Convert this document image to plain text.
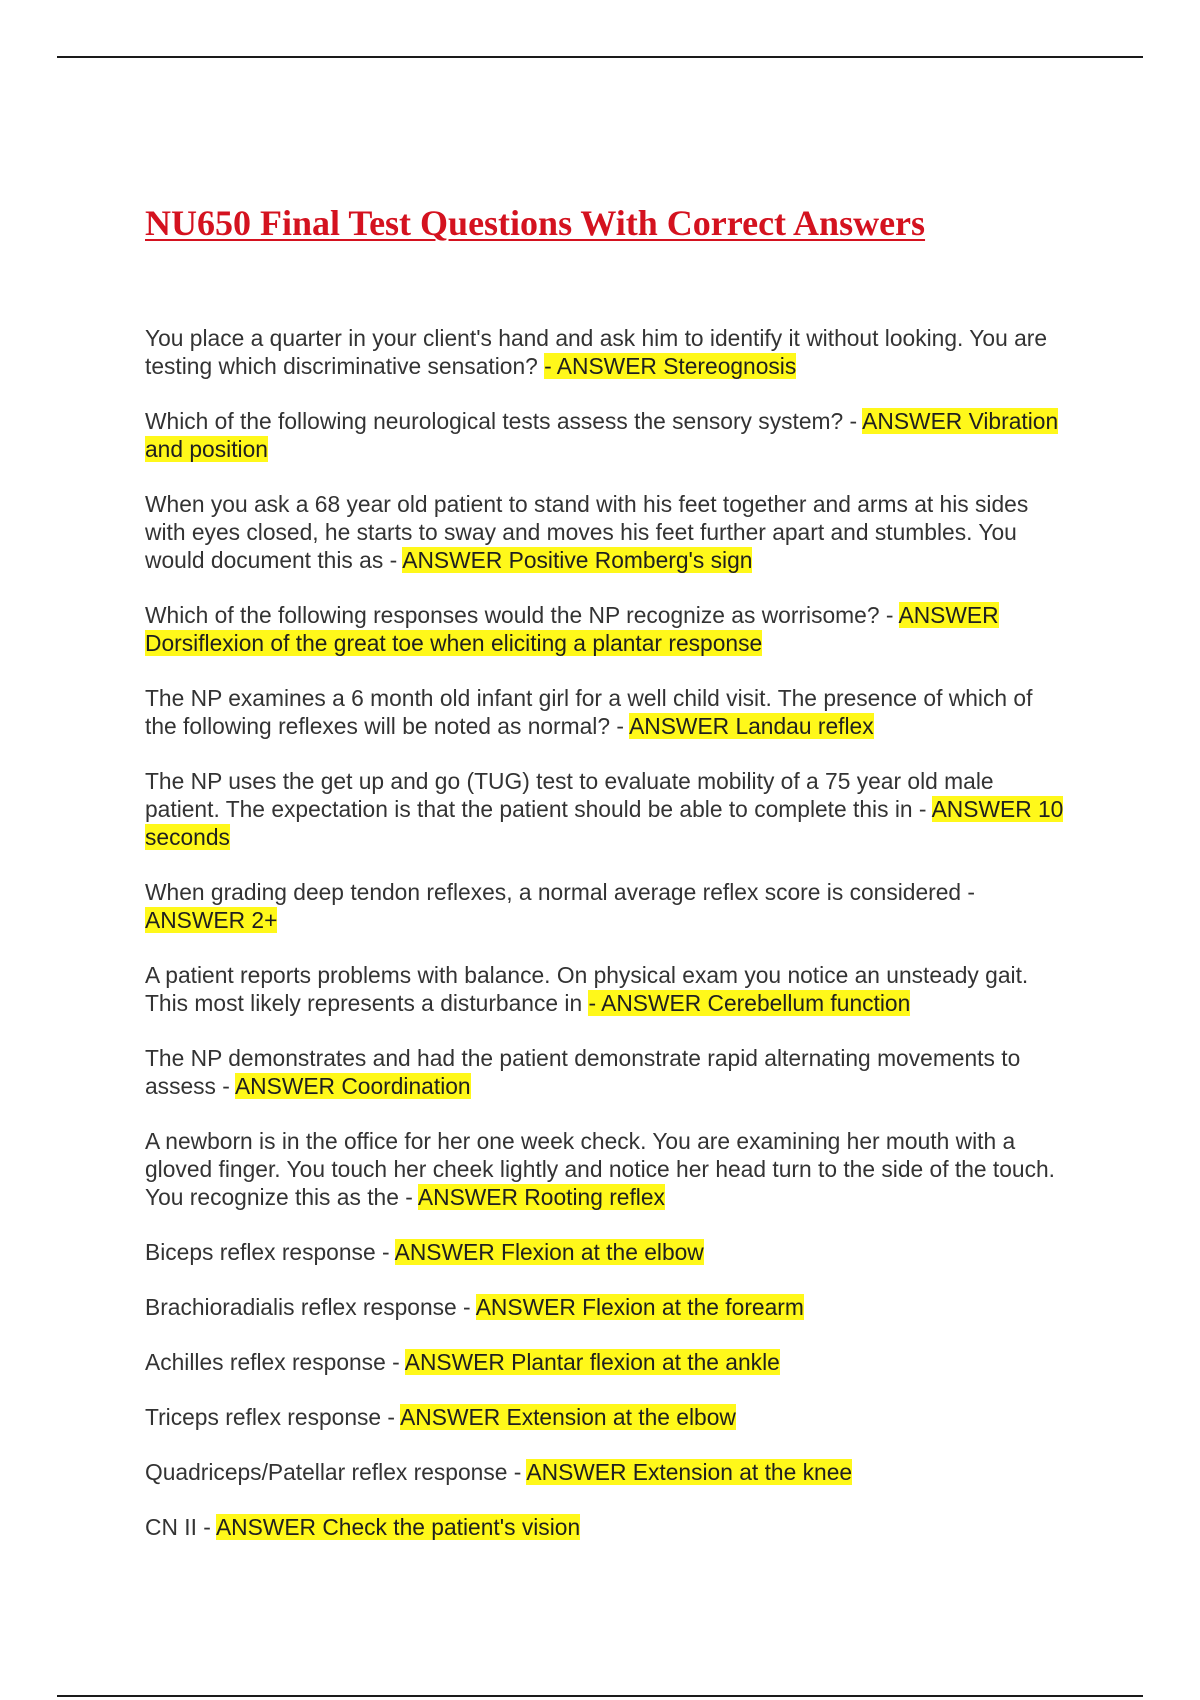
NU650 Final Test Questions With Correct Answers

You place a quarter in your client's hand and ask him to identify it without looking. You are testing which discriminative sensation? - ANSWER Stereognosis

Which of the following neurological tests assess the sensory system? - ANSWER Vibration and position

When you ask a 68 year old patient to stand with his feet together and arms at his sides with eyes closed, he starts to sway and moves his feet further apart and stumbles. You would document this as - ANSWER Positive Romberg's sign

Which of the following responses would the NP recognize as worrisome? - ANSWER Dorsiflexion of the great toe when eliciting a plantar response

The NP examines a 6 month old infant girl for a well child visit. The presence of which of the following reflexes will be noted as normal? - ANSWER Landau reflex

The NP uses the get up and go (TUG) test to evaluate mobility of a 75 year old male patient. The expectation is that the patient should be able to complete this in - ANSWER 10 seconds

When grading deep tendon reflexes, a normal average reflex score is considered - ANSWER 2+

A patient reports problems with balance. On physical exam you notice an unsteady gait. This most likely represents a disturbance in - ANSWER Cerebellum function

The NP demonstrates and had the patient demonstrate rapid alternating movements to assess - ANSWER Coordination

A newborn is in the office for her one week check. You are examining her mouth with a gloved finger. You touch her cheek lightly and notice her head turn to the side of the touch. You recognize this as the - ANSWER Rooting reflex

Biceps reflex response - ANSWER Flexion at the elbow

Brachioradialis reflex response - ANSWER Flexion at the forearm

Achilles reflex response - ANSWER Plantar flexion at the ankle

Triceps reflex response - ANSWER Extension at the elbow

Quadriceps/Patellar reflex response - ANSWER Extension at the knee

CN II - ANSWER Check the patient's vision
